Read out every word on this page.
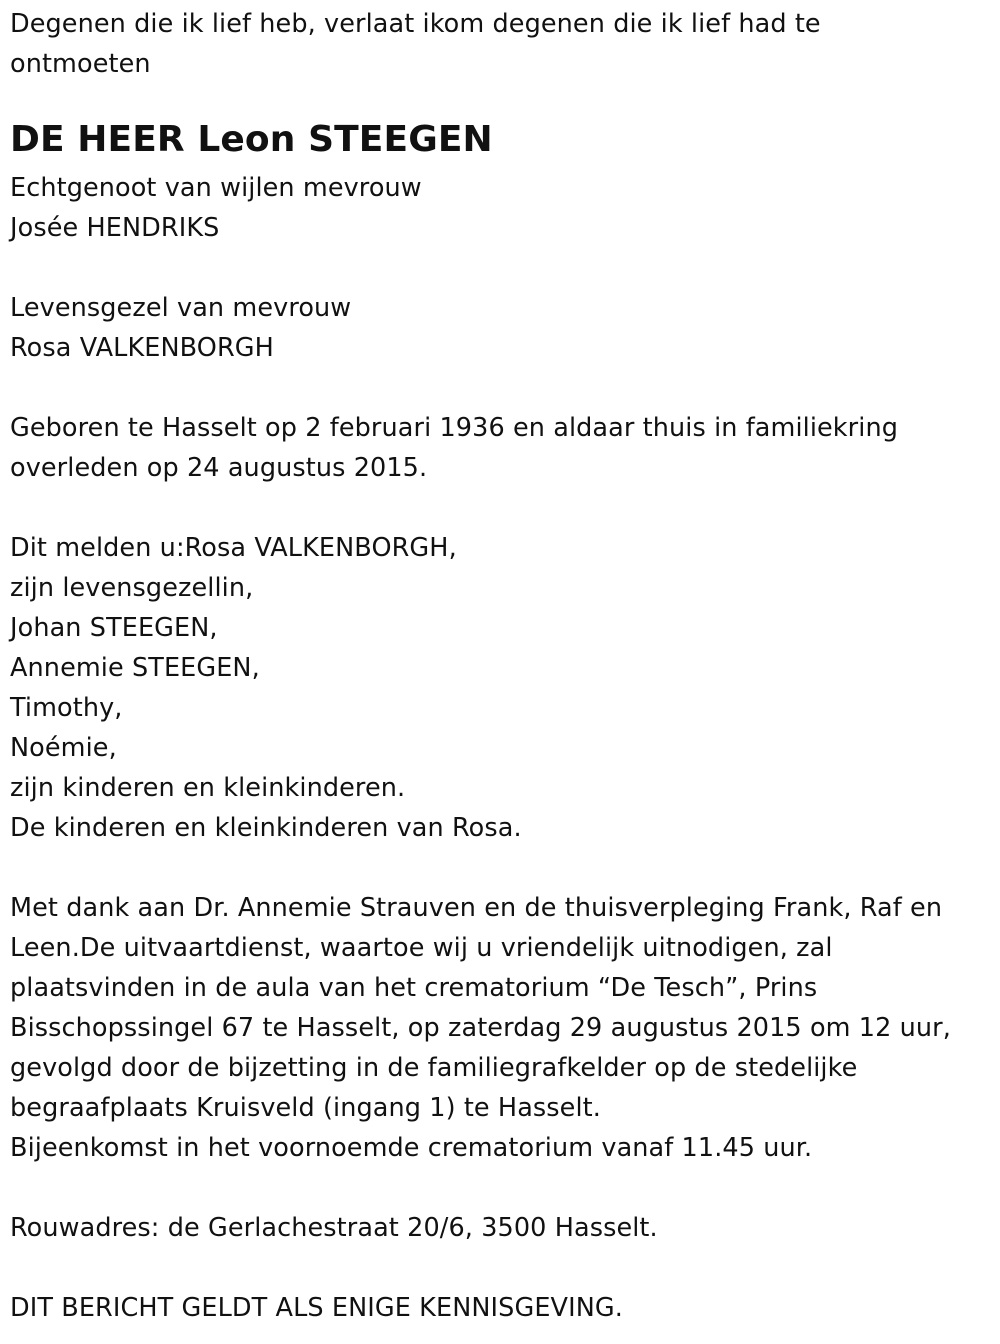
Degenen die ik lief heb, verlaat ikom degenen die ik lief had te
ontmoeten
DE HEER Leon STEEGEN
Echtgenoot van wijlen mevrouw
Josée HENDRIKS
Levensgezel van mevrouw
Rosa VALKENBORGH
Geboren te Hasselt op 2 februari 1936 en aldaar thuis in familiekring
overleden op 24 augustus 2015.
Dit melden u:Rosa VALKENBORGH,
zijn levensgezellin,
Johan STEEGEN,
Annemie STEEGEN,
Timothy,
Noémie,
zijn kinderen en kleinkinderen.
De kinderen en kleinkinderen van Rosa.
Met dank aan Dr. Annemie Strauven en de thuisverpleging Frank, Raf en
Leen.De uitvaartdienst, waartoe wij u vriendelijk uitnodigen, zal
plaatsvinden in de aula van het crematorium “De Tesch”, Prins
Bisschopssingel 67 te Hasselt, op zaterdag 29 augustus 2015 om 12 uur,
gevolgd door de bijzetting in de familiegrafkelder op de stedelijke
begraafplaats Kruisveld (ingang 1) te Hasselt.
Bijeenkomst in het voornoemde crematorium vanaf 11.45 uur.
Rouwadres: de Gerlachestraat 20/6, 3500 Hasselt.
DIT BERICHT GELDT ALS ENIGE KENNISGEVING.
